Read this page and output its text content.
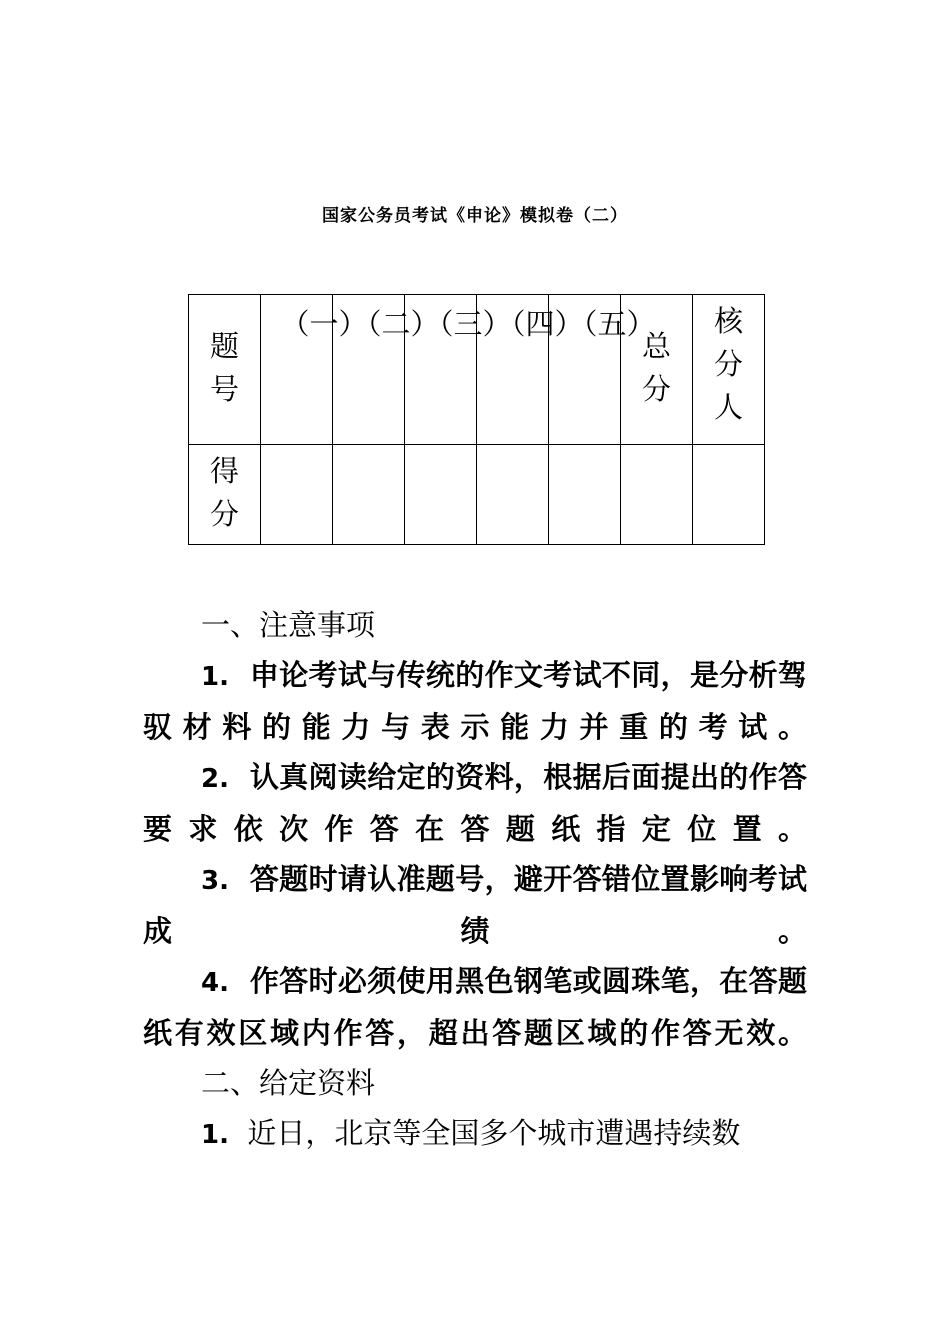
国家公务员考试《申论》模拟卷（二）
题号	（一）	（二）	（三）	（四）	（五）	总分	核分人

得分							

一、注意事项

1. 申论考试与传统的作文考试不同，是分析驾驭材料的能力与表示能力并重的考试。

2. 认真阅读给定的资料，根据后面提出的作答要求依次作答在答题纸指定位置。

3. 答题时请认准题号，避开答错位置影响考试成绩。

4. 作答时必须使用黑色钢笔或圆珠笔，在答题纸有效区域内作答，超出答题区域的作答无效。

二、给定资料

1. 近日，北京等全国多个城市遭遇持续数
